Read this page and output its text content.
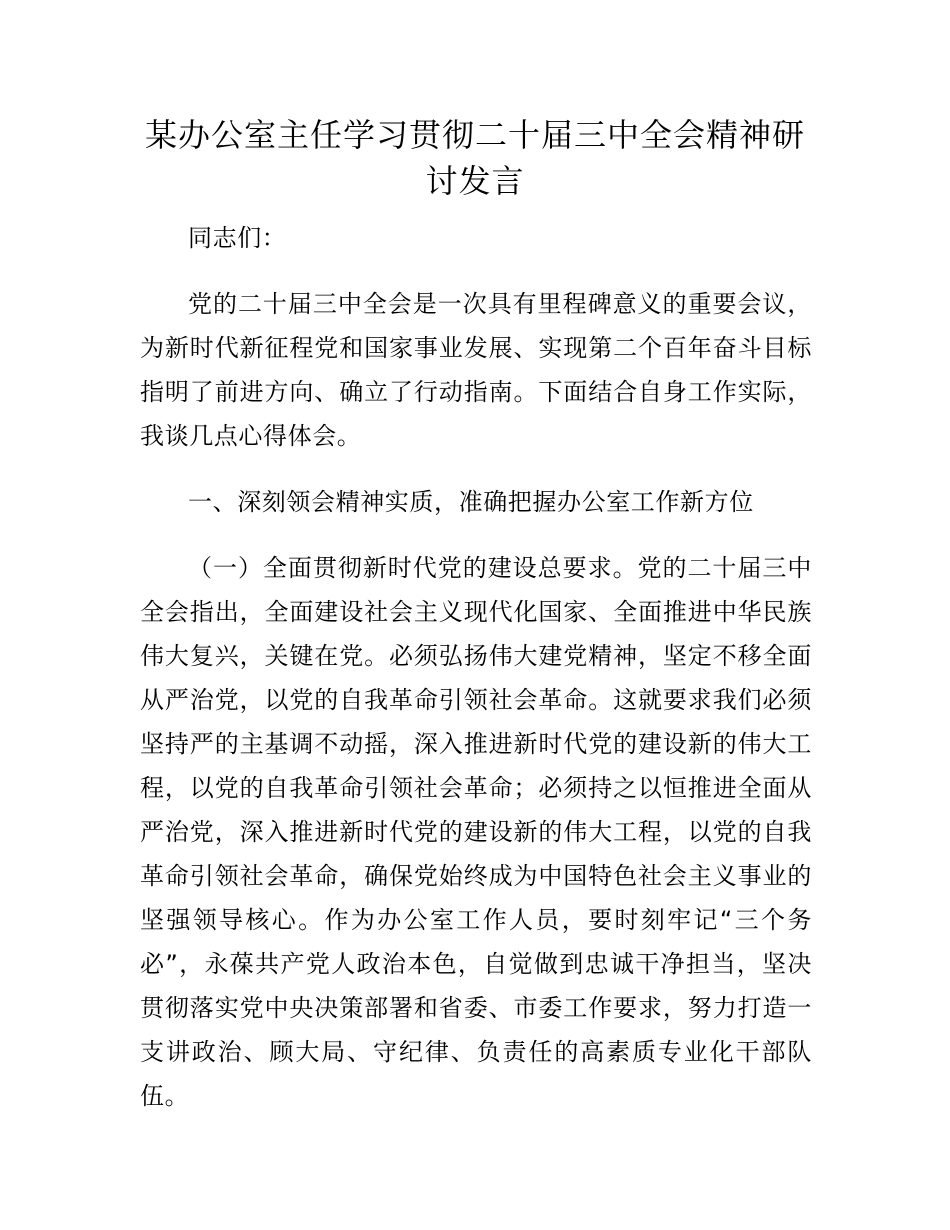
某办公室主任学习贯彻二十届三中全会精神研讨发言

同志们：

党的二十届三中全会是一次具有里程碑意义的重要会议，为新时代新征程党和国家事业发展、实现第二个百年奋斗目标指明了前进方向、确立了行动指南。下面结合自身工作实际，我谈几点心得体会。

一、深刻领会精神实质，准确把握办公室工作新方位

（一）全面贯彻新时代党的建设总要求。党的二十届三中全会指出，全面建设社会主义现代化国家、全面推进中华民族伟大复兴，关键在党。必须弘扬伟大建党精神，坚定不移全面从严治党，以党的自我革命引领社会革命。这就要求我们必须坚持严的主基调不动摇，深入推进新时代党的建设新的伟大工程，以党的自我革命引领社会革命；必须持之以恒推进全面从严治党，深入推进新时代党的建设新的伟大工程，以党的自我革命引领社会革命，确保党始终成为中国特色社会主义事业的坚强领导核心。作为办公室工作人员，要时刻牢记“三个务必”，永葆共产党人政治本色，自觉做到忠诚干净担当，坚决贯彻落实党中央决策部署和省委、市委工作要求，努力打造一支讲政治、顾大局、守纪律、负责任的高素质专业化干部队伍。
